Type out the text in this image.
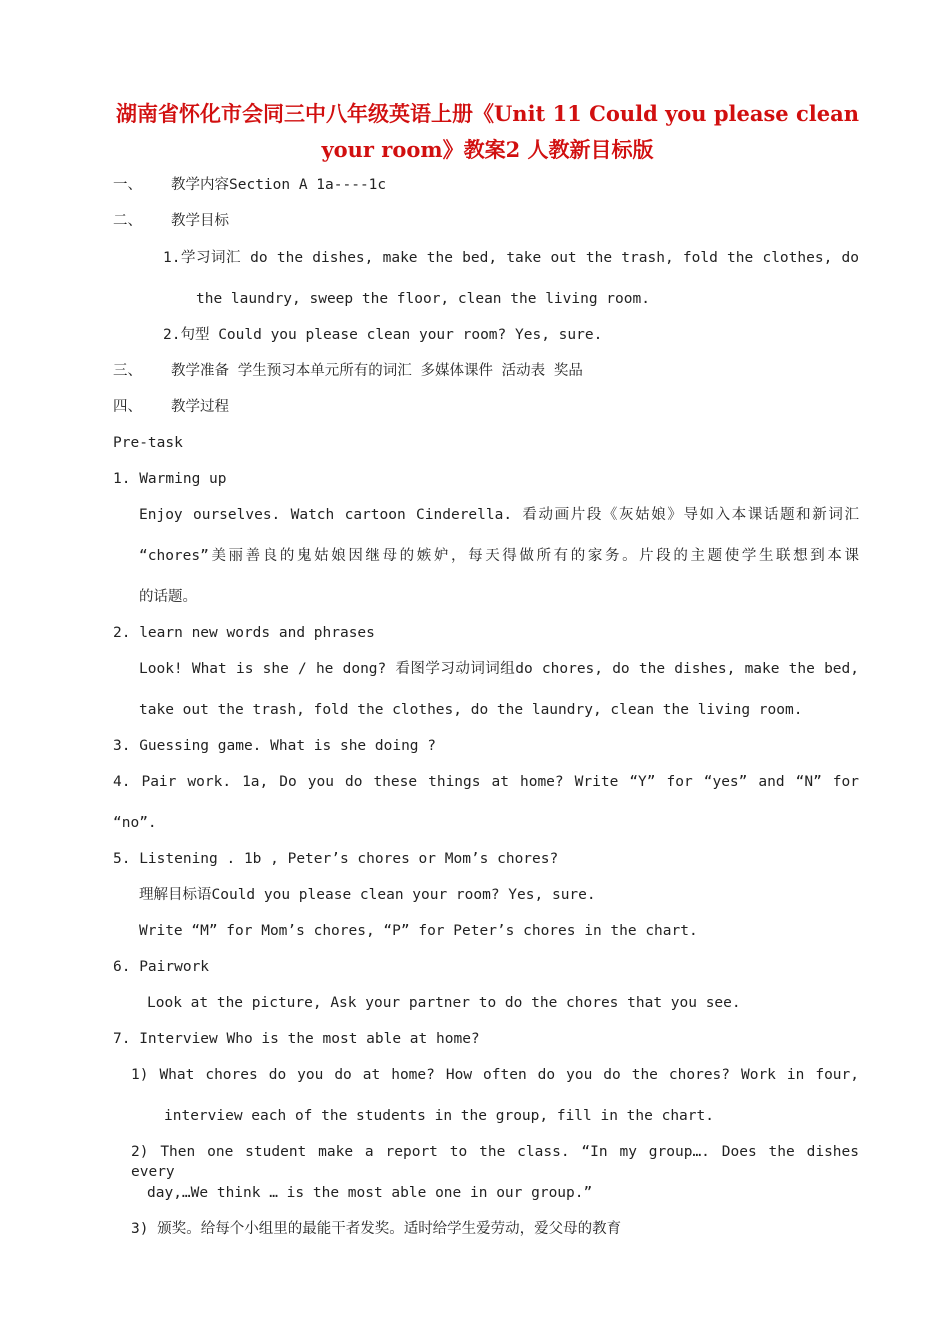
湖南省怀化市会同三中八年级英语上册《Unit 11 Could you please clean
your room》教案2 人教新目标版
一、 教学内容Section A 1a----1c
二、 教学目标
1.学习词汇 do the dishes, make the bed, take out the trash, fold the clothes, do
the laundry, sweep the floor, clean the living room.
2.句型 Could you please clean your room? Yes, sure.
三、 教学准备 学生预习本单元所有的词汇 多媒体课件 活动表 奖品
四、 教学过程
Pre-task
1. Warming up
Enjoy ourselves. Watch cartoon Cinderella. 看动画片段《灰姑娘》导如入本课话题和新词汇
“chores”美丽善良的鬼姑娘因继母的嫉妒，每天得做所有的家务。片段的主题使学生联想到本课
的话题。
2. learn new words and phrases
Look! What is she / he dong? 看图学习动词词组do chores, do the dishes, make the bed,
take out the trash, fold the clothes, do the laundry, clean the living room.
3. Guessing game. What is she doing ?
4. Pair work. 1a, Do you do these things at home? Write “Y” for “yes” and “N” for
“no”.
5. Listening . 1b , Peter’s chores or Mom’s chores?
理解目标语Could you please clean your room? Yes, sure.
Write “M” for Mom’s chores, “P” for Peter’s chores in the chart.
6. Pairwork
Look at the picture, Ask your partner to do the chores that you see.
7. Interview Who is the most able at home?
1) What chores do you do at home? How often do you do the chores? Work in four,
interview each of the students in the group, fill in the chart.
2) Then one student make a report to the class. “In my group…. Does the dishes every
day,…We think … is the most able one in our group.”
3) 颁奖。给每个小组里的最能干者发奖。适时给学生爱劳动，爱父母的教育
